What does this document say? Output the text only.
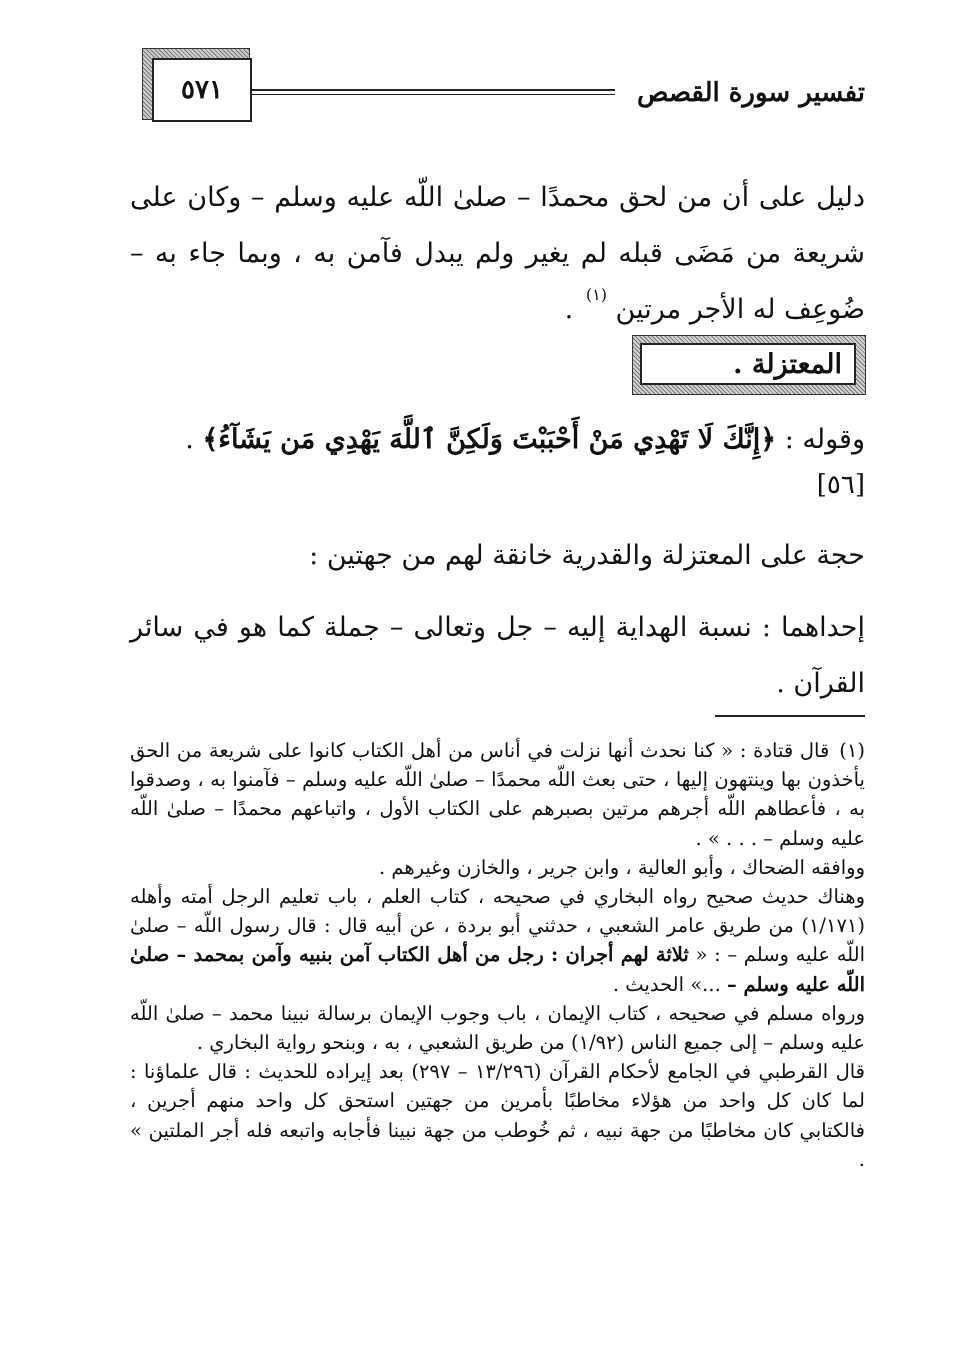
تفسير سورة القصص
٥٧١
دليل على أن من لحق محمدًا – صلىٰ اللّه عليه وسلم – وكان على شريعة من مَضَى قبله لم يغير ولم يبدل فآمن به ، وبما جاء به – ضُوعِف له الأجر مرتين $^{(١)}$ .
المعتزلة .
وقوله : ﴿إِنَّكَ لَا تَهْدِي مَنْ أَحْبَبْتَ وَلَكِنَّ ٱللَّهَ يَهْدِي مَن يَشَآءُ﴾ .
[٥٦]
حجة على المعتزلة والقدرية خانقة لهم من جهتين :
إحداهما : نسبة الهداية إليه – جل وتعالى – جملة كما هو في سائر القرآن .

(١)قال قتادة : « كنا نحدث أنها نزلت في أناس من أهل الكتاب كانوا على شريعة من الحق يأخذون بها وينتهون إليها ، حتى بعث اللّه محمدًا – صلىٰ اللّه عليه وسلم – فآمنوا به ، وصدقوا به ، فأعطاهم اللّه أجرهم مرتين بصبرهم على الكتاب الأول ، واتباعهم محمدًا – صلىٰ اللّه عليه وسلم – . . . » .

ووافقه الضحاك ، وأبو العالية ، وابن جرير ، والخازن وغيرهم .

وهناك حديث صحيح رواه البخاري في صحيحه ، كتاب العلم ، باب تعليم الرجل أمته وأهله (١/١٧١) من طريق عامر الشعبي ، حدثني أبو بردة ، عن أبيه قال : قال رسول اللّه – صلىٰ اللّه عليه وسلم – : « ثلاثة لهم أجران : رجل من أهل الكتاب آمن بنبيه وآمن بمحمد – صلىٰ اللّه عليه وسلم – ...» الحديث .

ورواه مسلم في صحيحه ، كتاب الإيمان ، باب وجوب الإيمان برسالة نبينا محمد – صلىٰ اللّه عليه وسلم – إلى جميع الناس (١/٩٢) من طريق الشعبي ، به ، وبنحو رواية البخاري .

قال القرطبي في الجامع لأحكام القرآن (١٣/٢٩٦ – ٢٩٧) بعد إيراده للحديث : قال علماؤنا : لما كان كل واحد من هؤلاء مخاطبًا بأمرين من جهتين استحق كل واحد منهم أجرين ، فالكتابي كان مخاطبًا من جهة نبيه ، ثم خُوطب من جهة نبينا فأجابه واتبعه فله أجر الملتين » .
